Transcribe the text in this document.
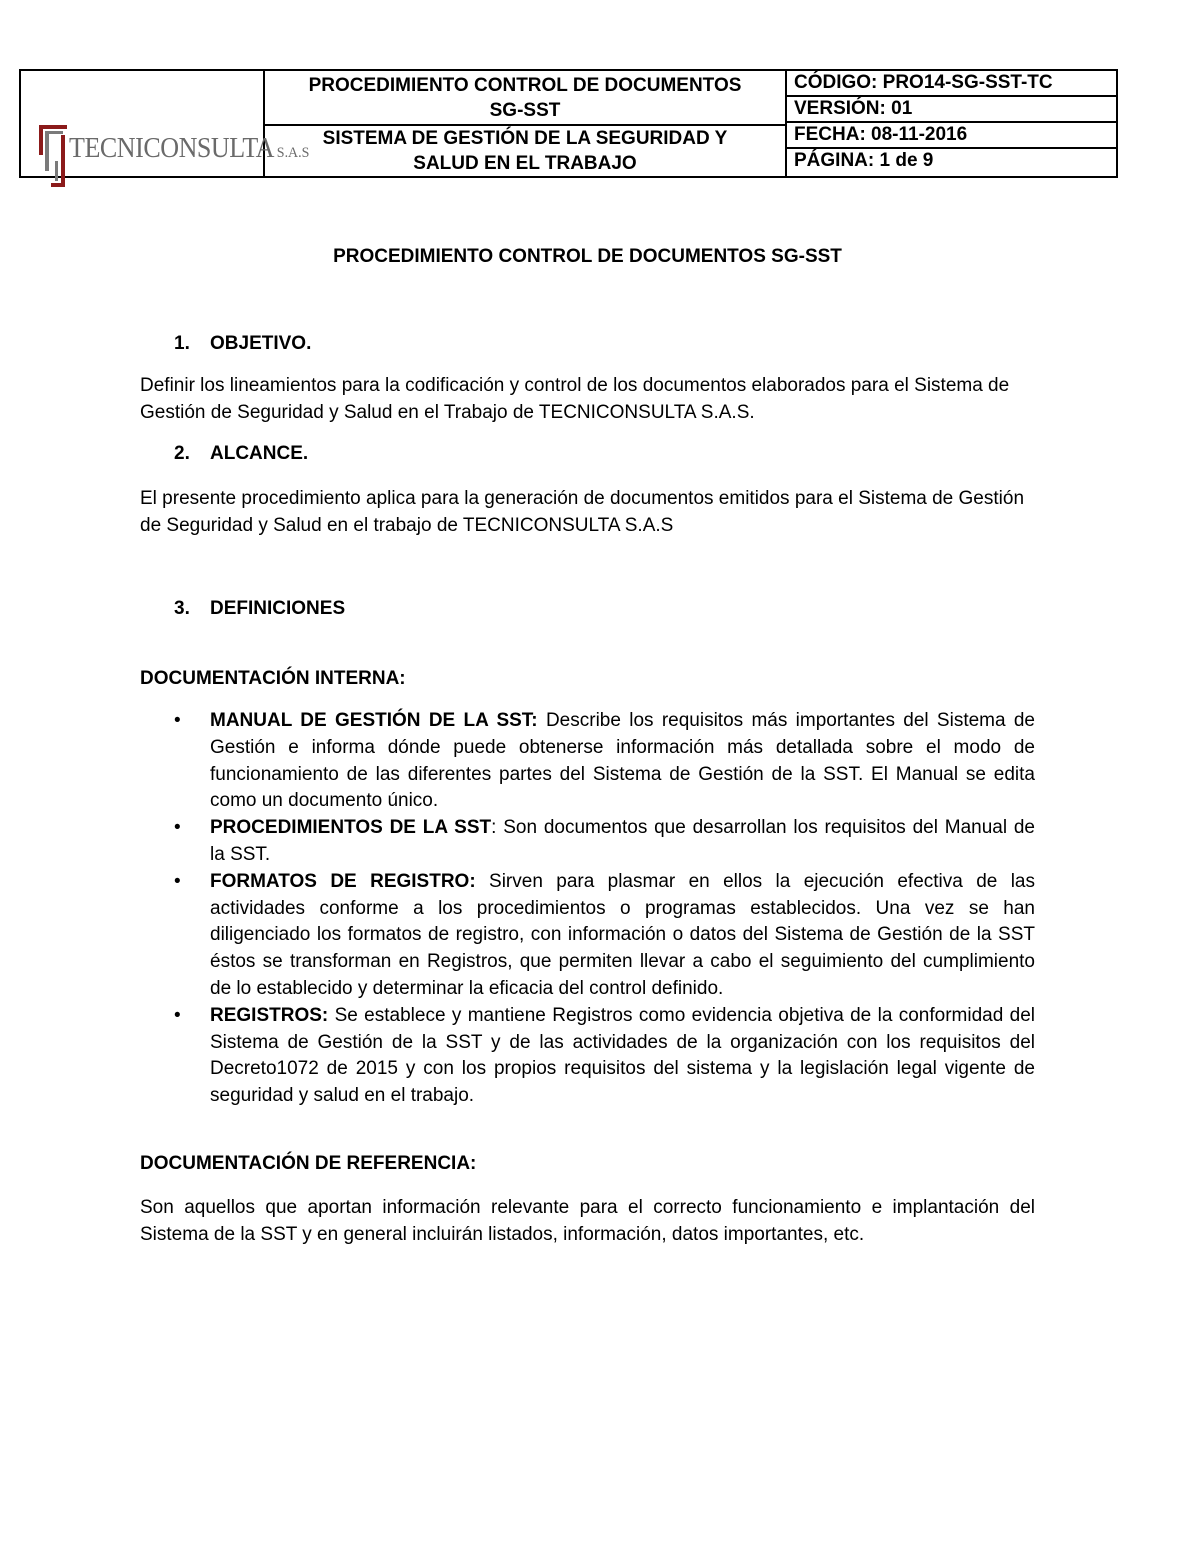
TECNICONSULTA S.A.S
PROCEDIMIENTO CONTROL DE DOCUMENTOS
SG-SST
SISTEMA DE GESTIÓN DE LA SEGURIDAD Y
SALUD EN EL TRABAJO
CÓDIGO: PRO14-SG-SST-TC
VERSIÓN: 01
FECHA: 08-11-2016
PÁGINA: 1 de 9
PROCEDIMIENTO CONTROL DE DOCUMENTOS SG-SST
1. OBJETIVO.
Definir los lineamientos para la codificación y control de los documentos elaborados para el Sistema de Gestión de Seguridad y Salud en el Trabajo de TECNICONSULTA S.A.S.
2. ALCANCE.
El presente procedimiento aplica para la generación de documentos emitidos para el Sistema de Gestión de Seguridad y Salud en el trabajo de TECNICONSULTA S.A.S
3. DEFINICIONES
DOCUMENTACIÓN INTERNA:
• MANUAL DE GESTIÓN DE LA SST: Describe los requisitos más importantes del Sistema de Gestión e informa dónde puede obtenerse información más detallada sobre el modo de funcionamiento de las diferentes partes del Sistema de Gestión de la SST. El Manual se edita como un documento único.
• PROCEDIMIENTOS DE LA SST: Son documentos que desarrollan los requisitos del Manual de la SST.
• FORMATOS DE REGISTRO: Sirven para plasmar en ellos la ejecución efectiva de las actividades conforme a los procedimientos o programas establecidos. Una vez se han diligenciado los formatos de registro, con información o datos del Sistema de Gestión de la SST éstos se transforman en Registros, que permiten llevar a cabo el seguimiento del cumplimiento de lo establecido y determinar la eficacia del control definido.
• REGISTROS: Se establece y mantiene Registros como evidencia objetiva de la conformidad del Sistema de Gestión de la SST y de las actividades de la organización con los requisitos del Decreto1072 de 2015 y con los propios requisitos del sistema y la legislación legal vigente de seguridad y salud en el trabajo.
DOCUMENTACIÓN DE REFERENCIA:
Son aquellos que aportan información relevante para el correcto funcionamiento e implantación del Sistema de la SST y en general incluirán listados, información, datos importantes, etc.
